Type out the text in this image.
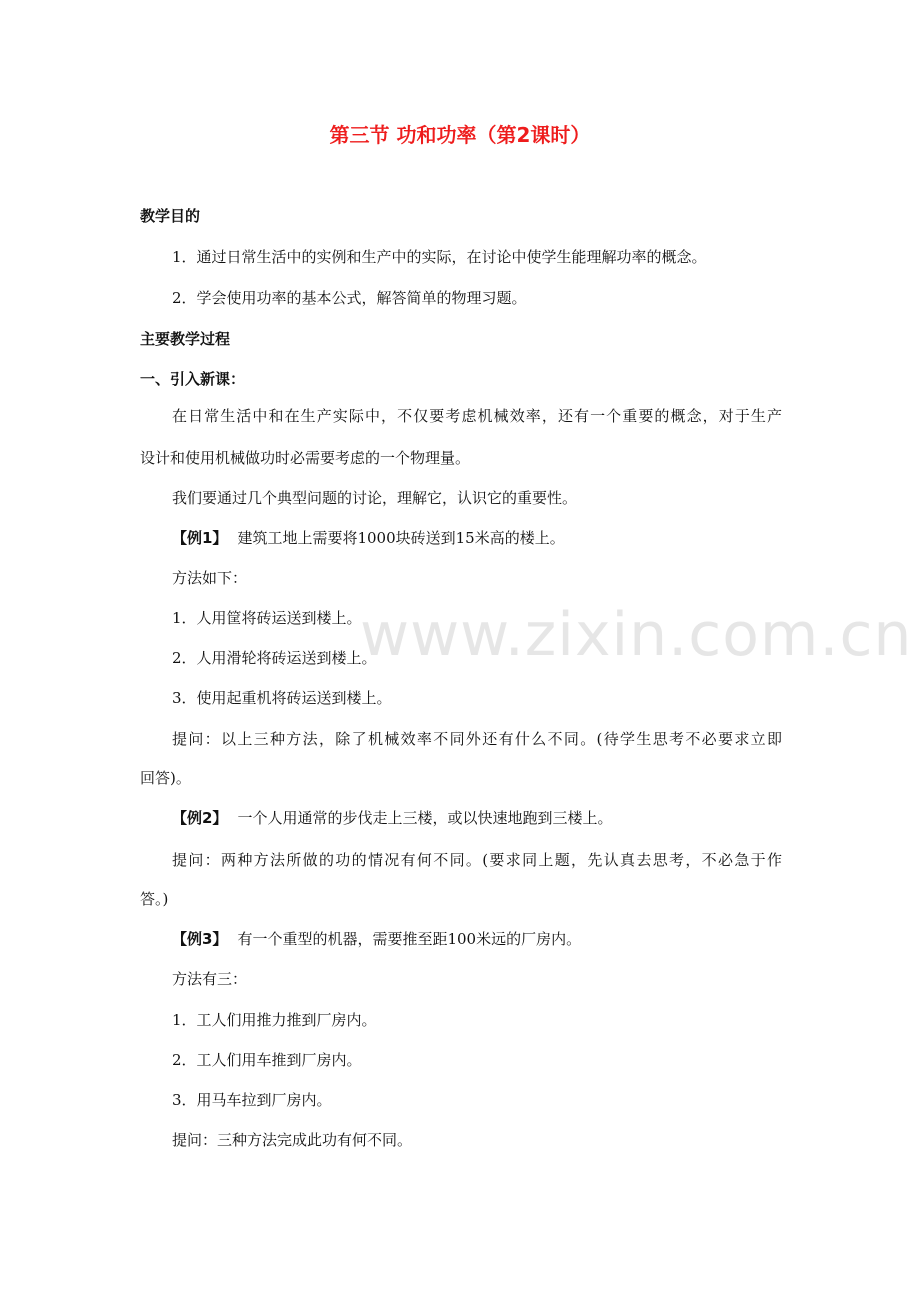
www.zixin.com.cn
第三节 功和功率（第2课时）
教学目的
1．通过日常生活中的实例和生产中的实际，在讨论中使学生能理解功率的概念。
2．学会使用功率的基本公式，解答简单的物理习题。
主要教学过程
一、引入新课：
在日常生活中和在生产实际中，不仅要考虑机械效率，还有一个重要的概念，对于生产
设计和使用机械做功时必需要考虑的一个物理量。
我们要通过几个典型问题的讨论，理解它，认识它的重要性。
【例1】 建筑工地上需要将1000块砖送到15米高的楼上。
方法如下：
1．人用筐将砖运送到楼上。
2．人用滑轮将砖运送到楼上。
3．使用起重机将砖运送到楼上。
提问：以上三种方法，除了机械效率不同外还有什么不同。(待学生思考不必要求立即
回答)。
【例2】 一个人用通常的步伐走上三楼，或以快速地跑到三楼上。
提问：两种方法所做的功的情况有何不同。(要求同上题，先认真去思考，不必急于作
答。)
【例3】 有一个重型的机器，需要推至距100米远的厂房内。
方法有三：
1．工人们用推力推到厂房内。
2．工人们用车推到厂房内。
3．用马车拉到厂房内。
提问：三种方法完成此功有何不同。
